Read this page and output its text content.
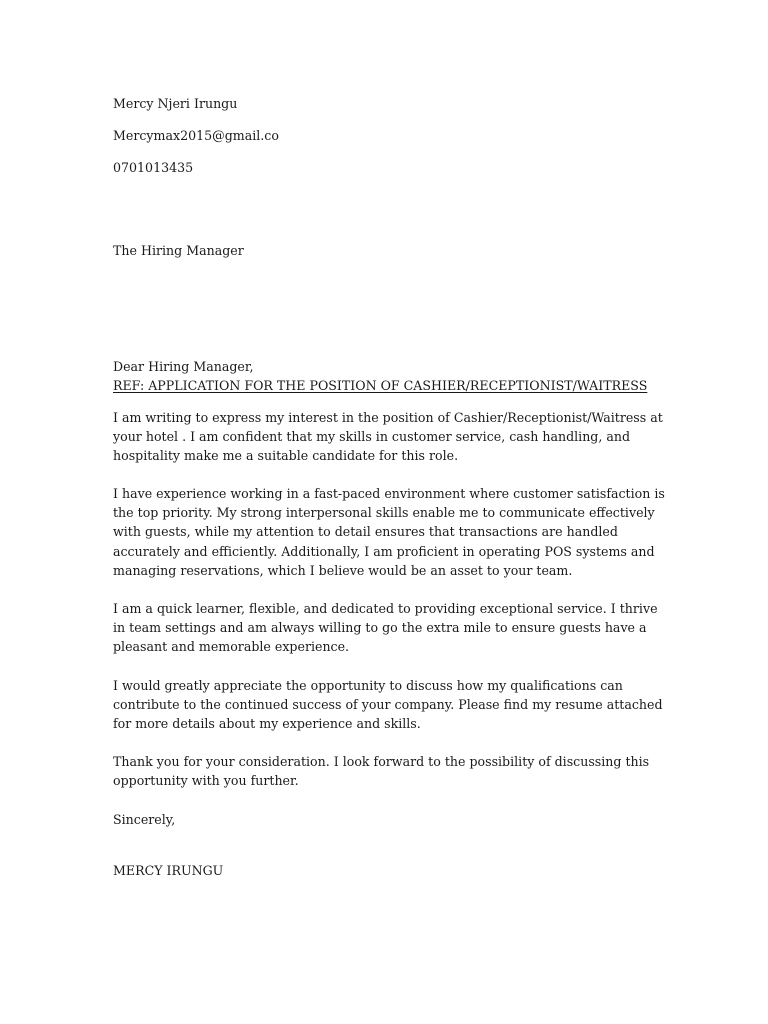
Mercy Njeri Irungu

Mercymax2015@gmail.co

0701013435

The Hiring Manager

Dear Hiring Manager,

REF: APPLICATION FOR THE POSITION OF CASHIER/RECEPTIONIST/WAITRESS

I am writing to express my interest in the position of Cashier/Receptionist/Waitress at your hotel . I am confident that my skills in customer service, cash handling, and hospitality make me a suitable candidate for this role.

I have experience working in a fast-paced environment where customer satisfaction is the top priority. My strong interpersonal skills enable me to communicate effectively with guests, while my attention to detail ensures that transactions are handled accurately and efficiently. Additionally, I am proficient in operating POS systems and managing reservations, which I believe would be an asset to your team.

I am a quick learner, flexible, and dedicated to providing exceptional service. I thrive in team settings and am always willing to go the extra mile to ensure guests have a pleasant and memorable experience.

I would greatly appreciate the opportunity to discuss how my qualifications can contribute to the continued success of your company. Please find my resume attached for more details about my experience and skills.

Thank you for your consideration. I look forward to the possibility of discussing this opportunity with you further.

Sincerely,

MERCY IRUNGU
